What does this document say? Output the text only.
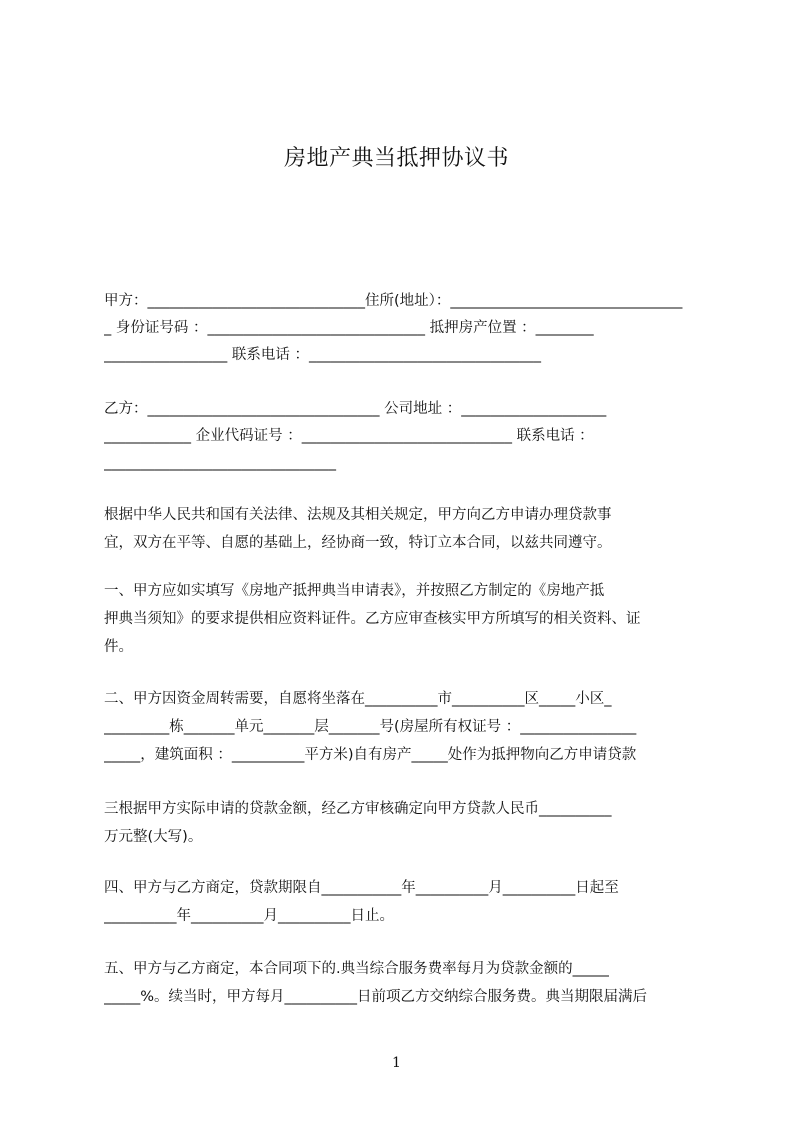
房地产典当抵押协议书
甲方：______________________________住所(地址）：________________________________
_ 身份证号码 ：______________________________ 抵押房产位置 ：________
_________________ 联系电话 ：________________________________
乙方：________________________________ 公司地址 ：____________________
____________ 企业代码证号 ：_____________________________ 联系电话 ：
________________________________
根据中华人民共和国有关法律、法规及其相关规定，甲方向乙方申请办理贷款事
宜，双方在平等、自愿的基础上，经协商一致，特订立本合同，以兹共同遵守。
一、甲方应如实填写《房地产抵押典当申请表》，并按照乙方制定的《房地产抵
押典当须知》的要求提供相应资料证件。乙方应审查核实甲方所填写的相关资料、证
件。
二、甲方因资金周转需要，自愿将坐落在__________市__________区_____小区_
_________栋_______单元_______层_______号(房屋所有权证号 ：________________
_____，建筑面积 ：__________平方米)自有房产_____处作为抵押物向乙方申请贷款
三根据甲方实际申请的贷款金额，经乙方审核确定向甲方贷款人民币__________
万元整(大写)。
四、甲方与乙方商定，贷款期限自___________年__________月__________日起至
__________年__________月__________日止。
五、甲方与乙方商定，本合同项下的.典当综合服务费率每月为贷款金额的_____
_____%。续当时，甲方每月__________日前项乙方交纳综合服务费。典当期限届满后
1
